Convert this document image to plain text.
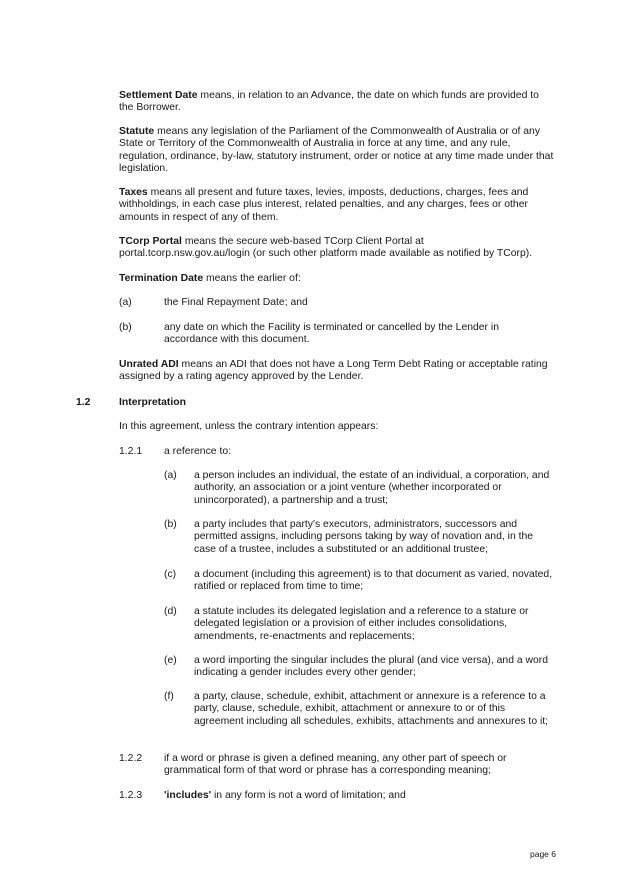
Settlement Date means, in relation to an Advance, the date on which funds are provided to the Borrower.

Statute means any legislation of the Parliament of the Commonwealth of Australia or of any State or Territory of the Commonwealth of Australia in force at any time, and any rule, regulation, ordinance, by-law, statutory instrument, order or notice at any time made under that legislation.

Taxes means all present and future taxes, levies, imposts, deductions, charges, fees and withholdings, in each case plus interest, related penalties, and any charges, fees or other amounts in respect of any of them.

TCorp Portal means the secure web-based TCorp Client Portal at portal.tcorp.nsw.gov.au/login (or such other platform made available as notified by TCorp).

Termination Date means the earlier of:

(a)	the Final Repayment Date; and

(b)	any date on which the Facility is terminated or cancelled by the Lender in accordance with this document.

Unrated ADI means an ADI that does not have a Long Term Debt Rating or acceptable rating assigned by a rating agency approved by the Lender.

1.2	Interpretation

In this agreement, unless the contrary intention appears:

1.2.1 a reference to:

(a) a person includes an individual, the estate of an individual, a corporation, and authority, an association or a joint venture (whether incorporated or unincorporated), a partnership and a trust;

(b) a party includes that party's executors, administrators, successors and permitted assigns, including persons taking by way of novation and, in the case of a trustee, includes a substituted or an additional trustee;

(c) a document (including this agreement) is to that document as varied, novated, ratified or replaced from time to time;

(d) a statute includes its delegated legislation and a reference to a stature or delegated legislation or a provision of either includes consolidations, amendments, re-enactments and replacements;

(e) a word importing the singular includes the plural (and vice versa), and a word indicating a gender includes every other gender;

(f) a party, clause, schedule, exhibit, attachment or annexure is a reference to a party, clause, schedule, exhibit, attachment or annexure to or of this agreement including all schedules, exhibits, attachments and annexures to it;

1.2.2 if a word or phrase is given a defined meaning, any other part of speech or grammatical form of that word or phrase has a corresponding meaning;

1.2.3 'includes' in any form is not a word of limitation; and

page 6
